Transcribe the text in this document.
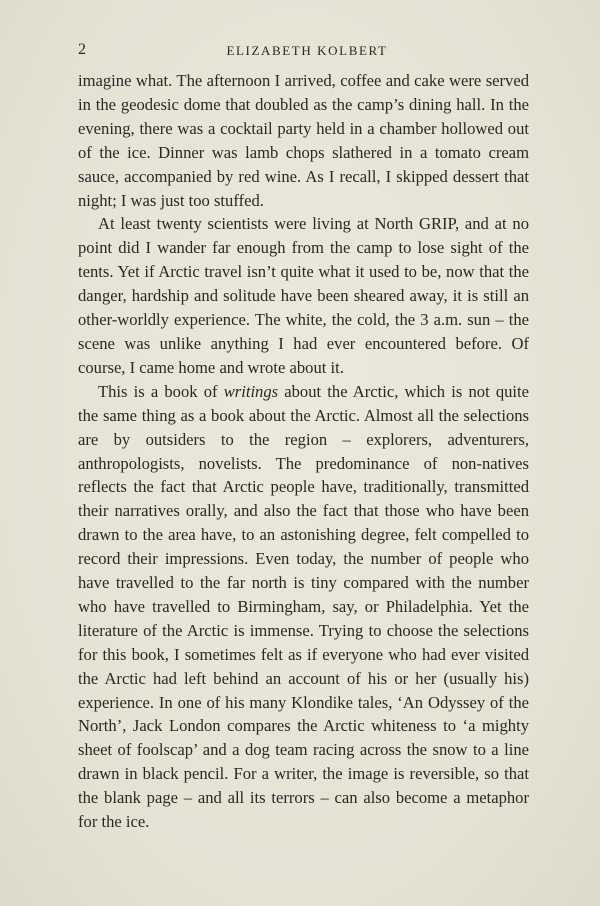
2	ELIZABETH KOLBERT

imagine what. The afternoon I arrived, coffee and cake were served in the geodesic dome that doubled as the camp’s dining hall. In the evening, there was a cocktail party held in a chamber hollowed out of the ice. Dinner was lamb chops slathered in a tomato cream sauce, accompanied by red wine. As I recall, I skipped dessert that night; I was just too stuffed.

At least twenty scientists were living at North GRIP, and at no point did I wander far enough from the camp to lose sight of the tents. Yet if Arctic travel isn’t quite what it used to be, now that the danger, hardship and solitude have been sheared away, it is still an other-worldly experience. The white, the cold, the 3 a.m. sun – the scene was unlike anything I had ever encountered before. Of course, I came home and wrote about it.

This is a book of writings about the Arctic, which is not quite the same thing as a book about the Arctic. Almost all the selections are by outsiders to the region – explorers, adventurers, anthropologists, novelists. The predominance of non-natives reflects the fact that Arctic people have, traditionally, transmitted their narratives orally, and also the fact that those who have been drawn to the area have, to an astonishing degree, felt compelled to record their impressions. Even today, the number of people who have travelled to the far north is tiny compared with the number who have travelled to Birmingham, say, or Philadelphia. Yet the literature of the Arctic is immense. Trying to choose the selections for this book, I sometimes felt as if everyone who had ever visited the Arctic had left behind an account of his or her (usually his) experience. In one of his many Klondike tales, ‘An Odyssey of the North’, Jack London compares the Arctic whiteness to ‘a mighty sheet of foolscap’ and a dog team racing across the snow to a line drawn in black pencil. For a writer, the image is reversible, so that the blank page – and all its terrors – can also become a metaphor for the ice.
